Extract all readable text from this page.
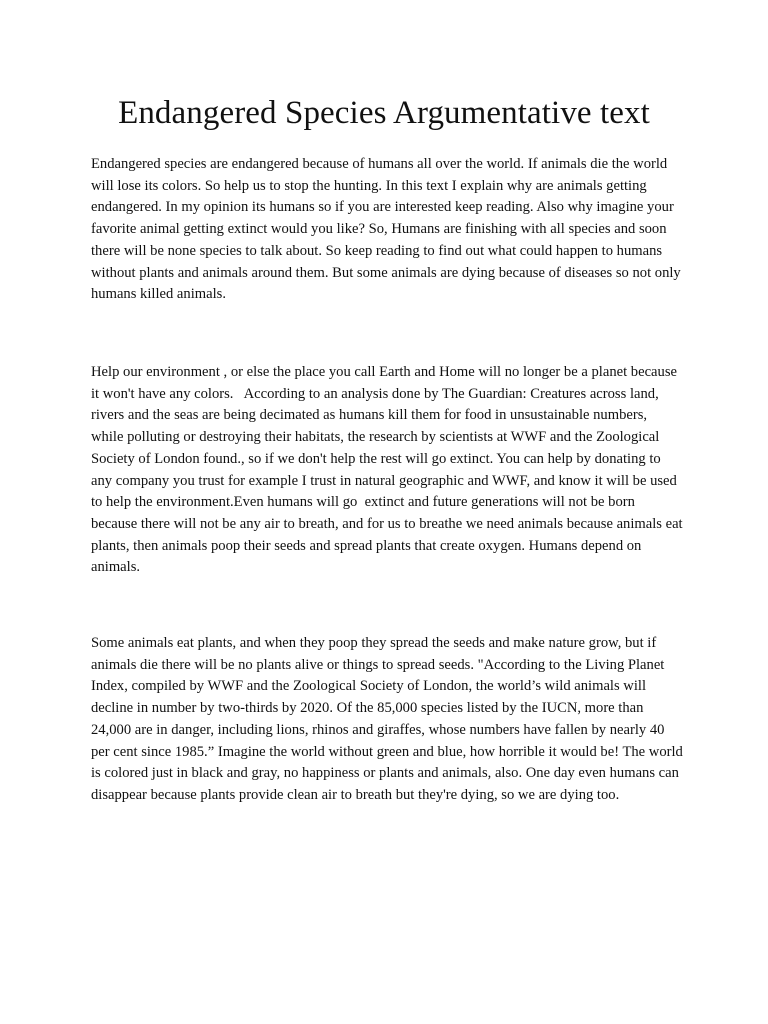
Endangered Species Argumentative text

Endangered species are endangered because of humans all over the world. If animals die the world will lose its colors. So help us to stop the hunting. In this text I explain why are animals getting endangered. In my opinion its humans so if you are interested keep reading. Also why imagine your favorite animal getting extinct would you like? So, Humans are finishing with all species and soon there will be none species to talk about. So keep reading to find out what could happen to humans without plants and animals around them. But some animals are dying because of diseases so not only humans killed animals.

Help our environment , or else the place you call Earth and Home will no longer be a planet because it won't have any colors.   According to an analysis done by The Guardian: Creatures across land, rivers and the seas are being decimated as humans kill them for food in unsustainable numbers, while polluting or destroying their habitats, the research by scientists at WWF and the Zoological Society of London found., so if we don't help the rest will go extinct. You can help by donating to any company you trust for example I trust in natural geographic and WWF, and know it will be used to help the environment.Even humans will go  extinct and future generations will not be born because there will not be any air to breath, and for us to breathe we need animals because animals eat plants, then animals poop their seeds and spread plants that create oxygen. Humans depend on animals.

Some animals eat plants, and when they poop they spread the seeds and make nature grow, but if animals die there will be no plants alive or things to spread seeds. "According to the Living Planet Index, compiled by WWF and the Zoological Society of London, the world’s wild animals will decline in number by two-thirds by 2020. Of the 85,000 species listed by the IUCN, more than 24,000 are in danger, including lions, rhinos and giraffes, whose numbers have fallen by nearly 40 per cent since 1985.” Imagine the world without green and blue, how horrible it would be! The world is colored just in black and gray, no happiness or plants and animals, also. One day even humans can disappear because plants provide clean air to breath but they're dying, so we are dying too.
